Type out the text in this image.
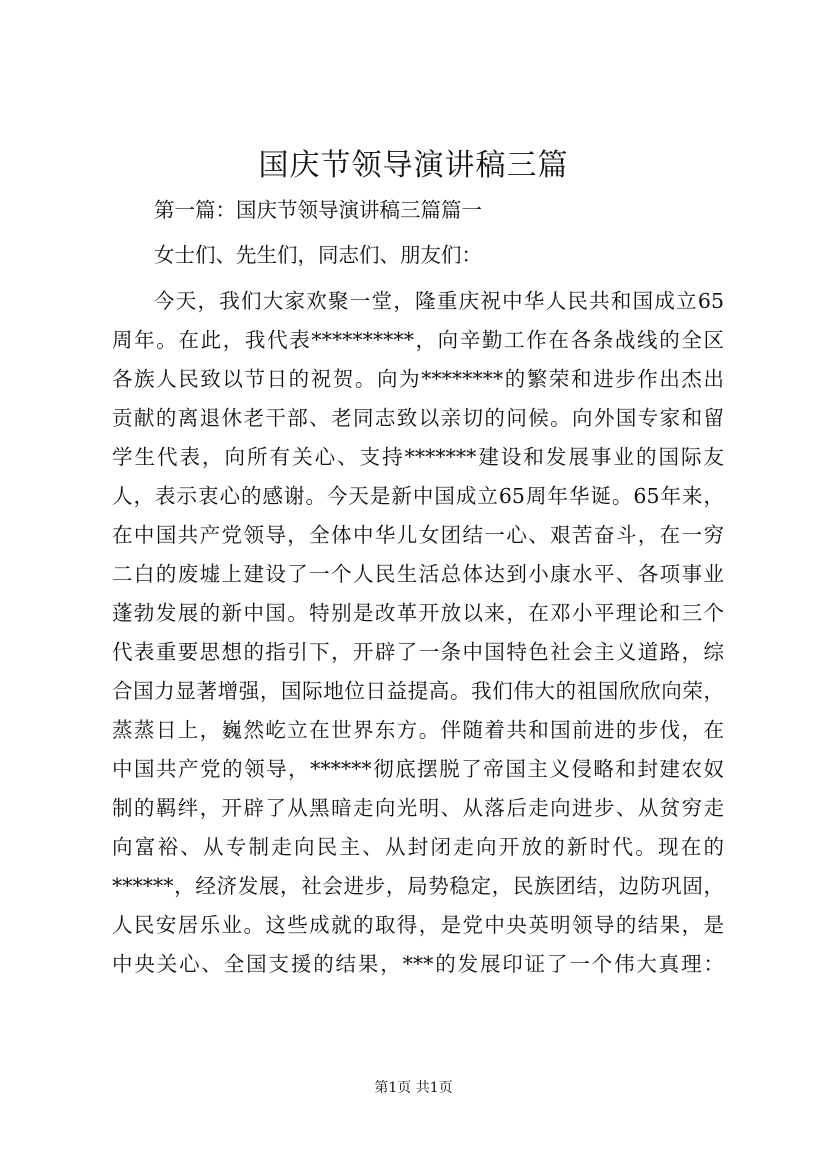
国庆节领导演讲稿三篇
第一篇：国庆节领导演讲稿三篇篇一
女士们、先生们，同志们、朋友们：
今天，我们大家欢聚一堂，隆重庆祝中华人民共和国成立65
周年。在此，我代表**********，向辛勤工作在各条战线的全区
各族人民致以节日的祝贺。向为********的繁荣和进步作出杰出
贡献的离退休老干部、老同志致以亲切的问候。向外国专家和留
学生代表，向所有关心、支持*******建设和发展事业的国际友
人，表示衷心的感谢。今天是新中国成立65周年华诞。65年来，
在中国共产党领导，全体中华儿女团结一心、艰苦奋斗，在一穷
二白的废墟上建设了一个人民生活总体达到小康水平、各项事业
蓬勃发展的新中国。特别是改革开放以来，在邓小平理论和三个
代表重要思想的指引下，开辟了一条中国特色社会主义道路，综
合国力显著增强，国际地位日益提高。我们伟大的祖国欣欣向荣，
蒸蒸日上，巍然屹立在世界东方。伴随着共和国前进的步伐，在
中国共产党的领导，******彻底摆脱了帝国主义侵略和封建农奴
制的羁绊，开辟了从黑暗走向光明、从落后走向进步、从贫穷走
向富裕、从专制走向民主、从封闭走向开放的新时代。现在的
******，经济发展，社会进步，局势稳定，民族团结，边防巩固，
人民安居乐业。这些成就的取得，是党中央英明领导的结果，是
中央关心、全国支援的结果，***的发展印证了一个伟大真理：
第1页 共1页
